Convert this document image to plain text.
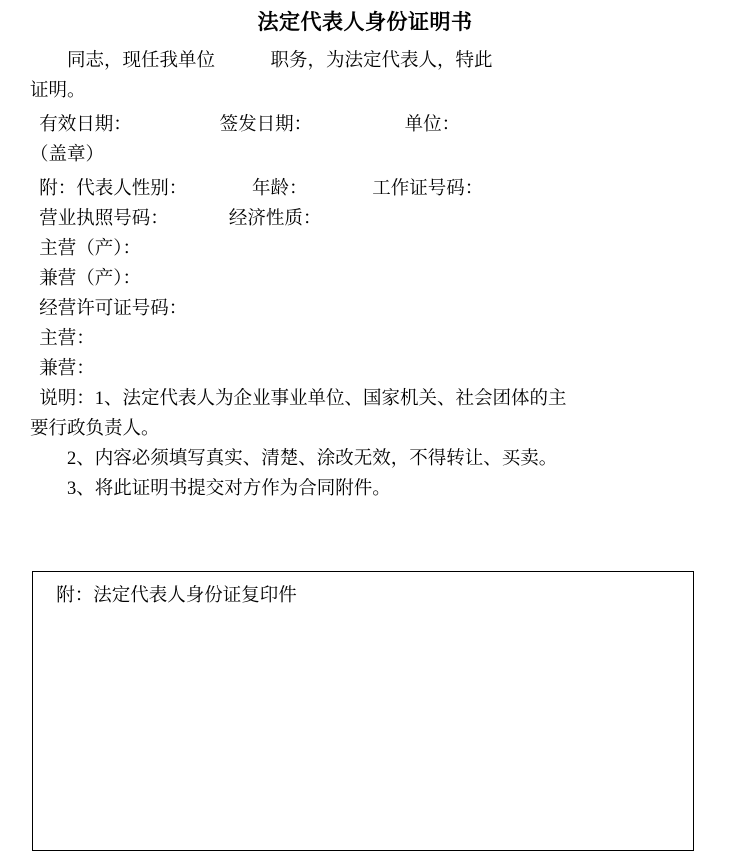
法定代表人身份证明书
同志，现任我单位            职务，为法定代表人，特此
证明。
有效日期：	签发日期：	单位：
（盖章）
附：代表人性别：	年龄：	工作证号码：
营业执照号码：	经济性质：
主营（产）：
兼营（产）：
经营许可证号码：
主营：
兼营：
说明：1、法定代表人为企业事业单位、国家机关、社会团体的主
要行政负责人。
2、内容必须填写真实、清楚、涂改无效，不得转让、买卖。
3、将此证明书提交对方作为合同附件。
附：法定代表人身份证复印件
